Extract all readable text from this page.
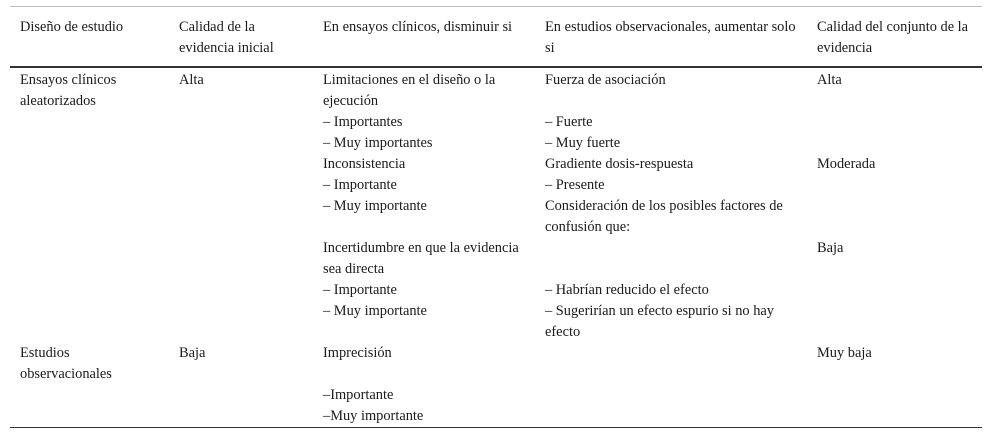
Diseño de estudio	Calidad de la evidencia inicial	En ensayos clínicos, disminuir si	En estudios observacionales, aumentar solo si	Calidad del conjunto de la evidencia
Ensayos clínicos aleatorizados	Alta	Limitaciones en el diseño o la ejecución	Fuerza de asociación	Alta
		– Importantes	– Fuerte	
		– Muy importantes	– Muy fuerte	
		Inconsistencia	Gradiente dosis-respuesta	Moderada
		– Importante	– Presente	
		– Muy importante	Consideración de los posibles factores de confusión que:	
		Incertidumbre en que la evidencia sea directa		Baja
		– Importante	– Habrían reducido el efecto	
		– Muy importante	– Sugerirían un efecto espurio si no hay efecto	
Estudios observacionales	Baja	Imprecisión		Muy baja
		–Importante		
		–Muy importante		
